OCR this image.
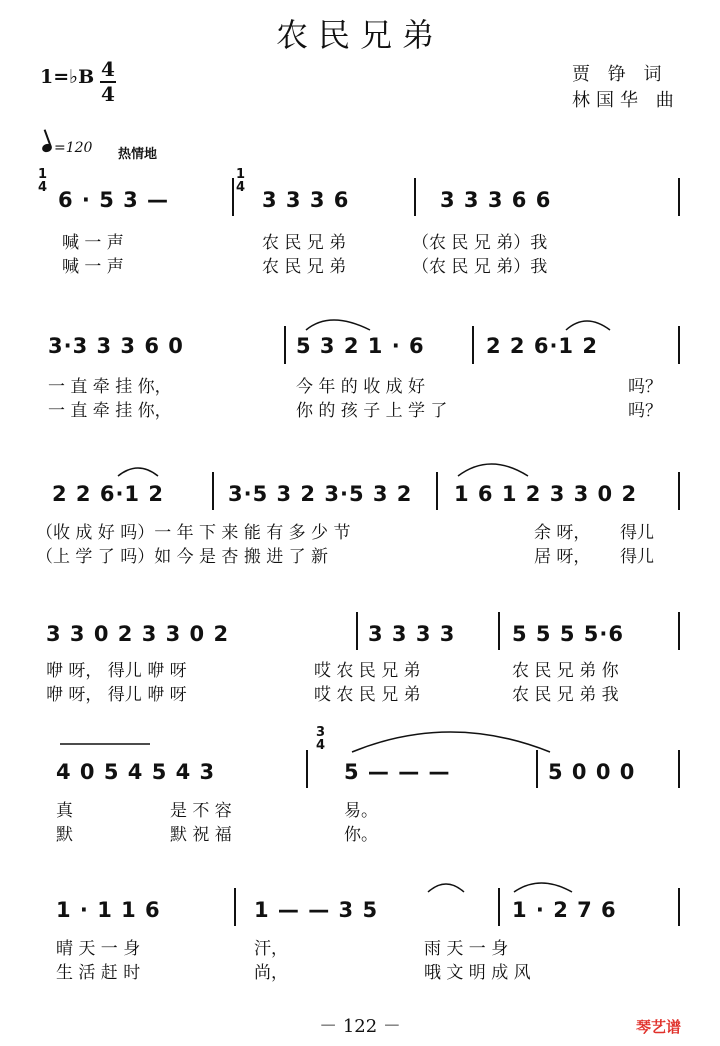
农民兄弟
1=♭B 4
4
贾 铮 词
林国华 曲
=120 热情地
1
4
1
4
3
4
6 · 5 3 —	3 3 3 6	3 3 3 6 6
喊 一 声	农 民 兄 弟	（农 民 兄 弟）我
喊 一 声	农 民 兄 弟	（农 民 兄 弟）我
3·3 3 3 6 0	5 3 2 1 · 6	2 2 6·1 2
一 直 牵 挂 你，	今 年 的 收 成 好	吗？
一 直 牵 挂 你，	你 的 孩 子 上 学 了	吗？
2 2 6·1 2	3·5 3 2 3·5 3 2 1 6 1 2 3 3 0 2
（收 成 好 吗）一 年 下 来 能 有 多 少 节	余 呀， 得儿
（上 学 了 吗）如 今 是 杏 搬 进 了 新	居 呀， 得儿
3 3 0 2 3 3 0 2	3 3 3 3	5 5 5 5·6
咿 呀， 得儿 咿 呀	哎 农 民 兄 弟	农 民 兄 弟 你
咿 呀， 得儿 咿 呀	哎 农 民 兄 弟	农 民 兄 弟 我
4 0 5 4 5 4 3	5 — — —	5 0 0 0
真	是 不 容	易。
默	默 祝 福	你。
1 · 1 1 6	1 — — 3 5	1 · 2 7 6
晴 天 一 身	汗，	雨 天 一 身
生 活 赶 时	尚，	哦 文 明 成 风
－ 122 －	琴艺谱
